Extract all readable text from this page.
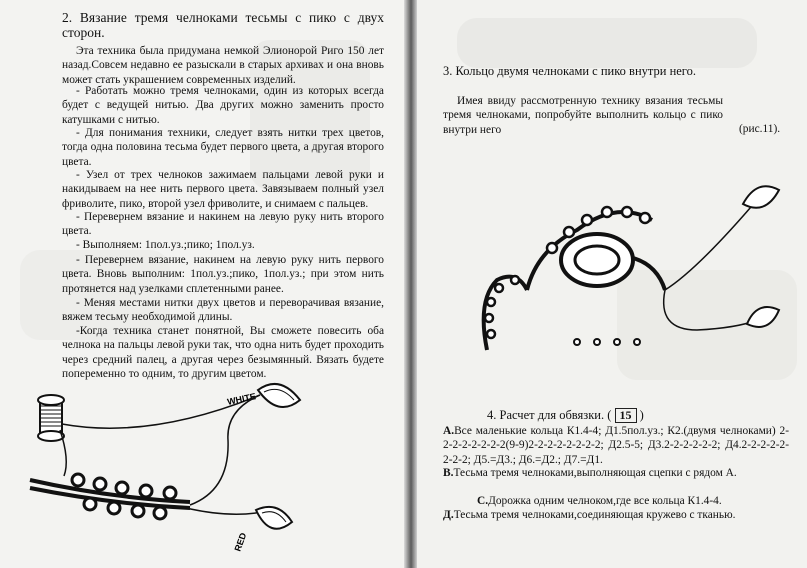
2. Вязание тремя челноками тесьмы с пико с двух сторон.

Эта техника была придумана немкой Элионорой Риго 150 лет назад.Совсем недавно ее разыскали в старых архивах и она вновь может стать украшением современных изделий.

- Работать можно тремя челноками, один из которых всегда будет с ведущей нитью. Два других можно заменить просто катушками с нитью.

- Для понимания техники, следует взять нитки трех цветов, тогда одна половина тесьма будет первого цвета, а другая второго цвета.

- Узел от трех челноков зажимаем пальцами левой руки и накидываем на нее нить первого цвета. Завязываем полный узел фриволите, пико, второй узел фриволите, и снимаем с пальцев.

- Перевернем вязание и накинем на левую руку нить второго цвета.

- Выполняем: 1пол.уз.;пико; 1пол.уз.

- Перевернем вязание, накинем на левую руку нить первого цвета. Вновь выполним: 1пол.уз.;пико, 1пол.уз.; при этом нить протянется над узелками сплетенными ранее.

- Меняя местами нитки двух цветов и переворачивая вязание, вяжем тесьму необходимой длины.

-Когда техника станет понятной, Вы сможете повесить оба челнока на пальцы левой руки так, что одна нить будет проходить через средний палец, а другая через безымянный. Вязать будете попеременно то одним, то другим цветом.

WHITE
RED
3. Кольцо двумя челноками с пико внутри него.

Имея ввиду рассмотренную технику вязания тесьмы тремя челноками, попробуйте выполнить кольцо с пико внутри него	(рис.11).
4. Расчет для обвязки. ( 15 )

А.Все маленькие кольца К1.4-4; Д1.5пол.уз.; К2.(двумя челноками) 2-2-2-2-2-2-2-2(9-9)2-2-2-2-2-2-2-2; Д2.5-5; Д3.2-2-2-2-2-2; Д4.2-2-2-2-2-2-2-2; Д5.=Д3.; Д6.=Д2.; Д7.=Д1.

В.Тесьма тремя челноками,выполняющая сцепки с рядом А.

С.Дорожка одним челноком,где все кольца К1.4-4.

Д.Тесьма тремя челноками,соединяющая кружево с тканью.
